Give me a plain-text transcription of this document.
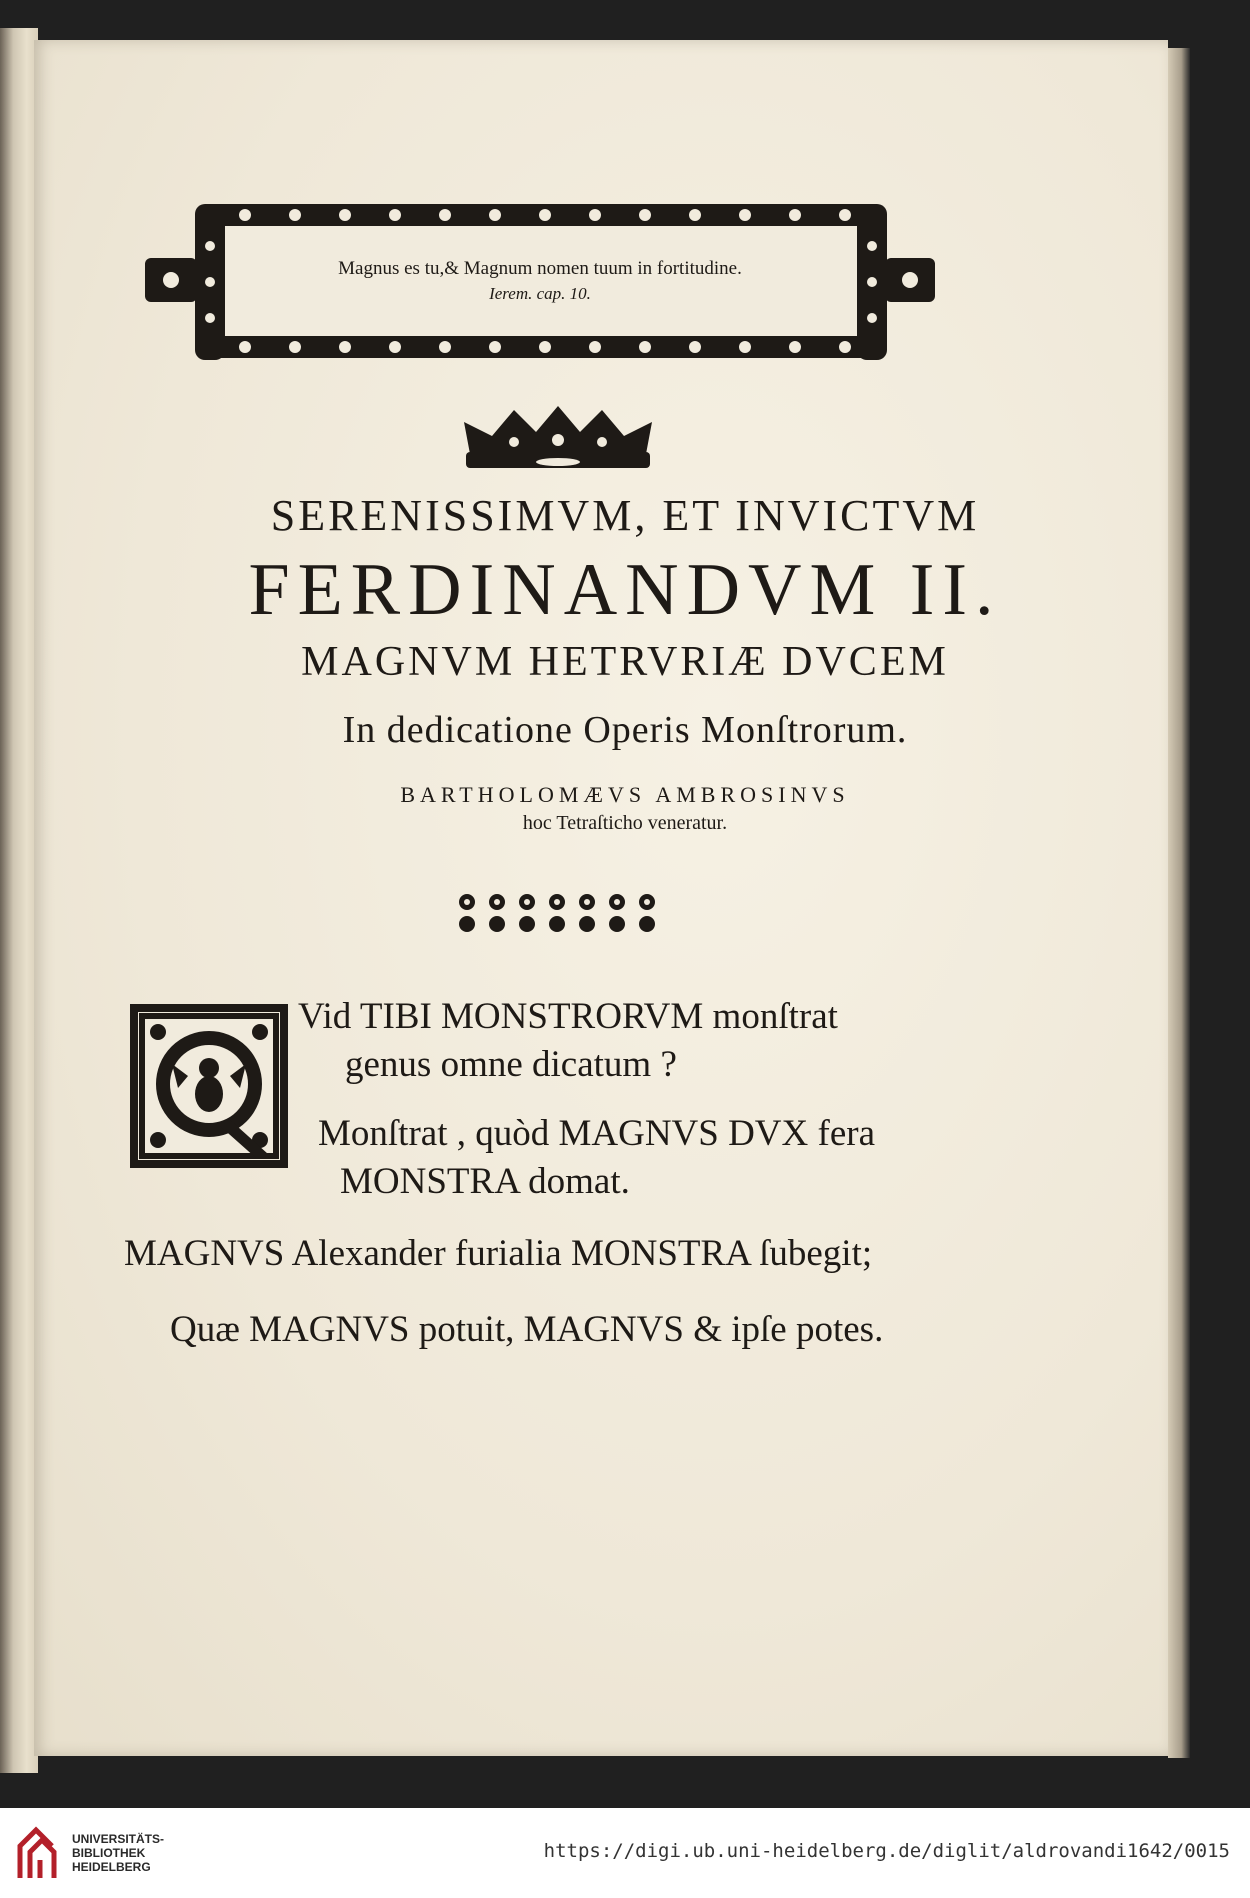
Magnus es tu,& Magnum nomen tuum in fortitudine.
Ierem. cap. 10.
SERENISSIMVM, ET INVICTVM
FERDINANDVM II.
MAGNVM HETRVRIÆ DVCEM
In dedicatione Operis Monſtrorum.
BARTHOLOMÆVS AMBROSINVS
hoc Tetraſticho veneratur.
Vid TIBI MONSTRORVM monſtrat
genus omne dicatum ?
Monſtrat , quòd MAGNVS DVX fera
MONSTRA domat.
MAGNVS Alexander furialia MONSTRA ſubegit;
Quæ MAGNVS potuit, MAGNVS & ipſe potes.
UNIVERSITÄTS-
BIBLIOTHEK
HEIDELBERG
https://digi.ub.uni-heidelberg.de/diglit/aldrovandi1642/0015
